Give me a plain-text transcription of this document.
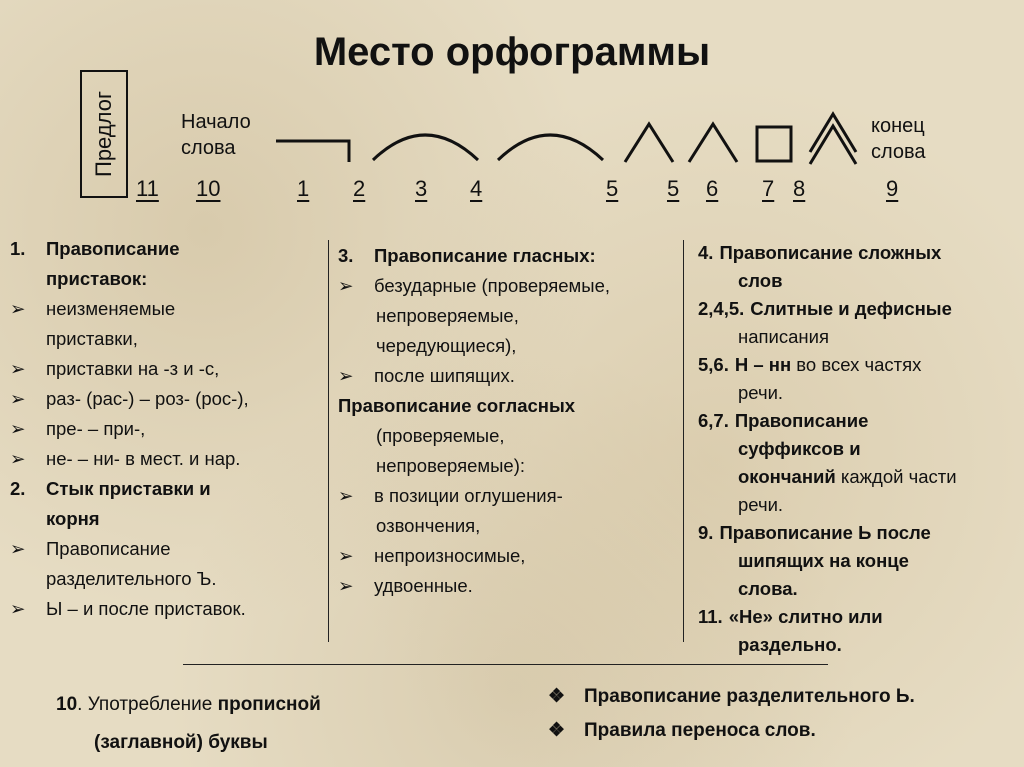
Место орфограммы
Предлог	Начало
слова
конец
слова
11 10	1 2 3 4	5 5 6 7 8	9
1. Правописание
приставок:
➢ неизменяемые
приставки,
➢ приставки на -з и -с,
➢ раз- (рас-) – роз- (рос-),
➢ пре- – при-,
➢ не- – ни- в мест. и нар.
2. Стык приставки и
корня
➢ Правописание
разделительного Ъ.
➢ Ы – и после приставок.
3. Правописание гласных:
➢ безударные (проверяемые,
непроверяемые,
чередующиеся),
➢ после шипящих.
Правописание согласных
(проверяемые,
непроверяемые):
➢ в позиции оглушения-
озвончения,
➢ непроизносимые,
➢ удвоенные.
4. Правописание сложных
слов
2,4,5. Слитные и дефисные
написания
5,6. Н – нн во всех частях
речи.
6,7. Правописание
суффиксов и
окончаний каждой части
речи.
9. Правописание Ь после
шипящих на конце
слова.
11. «Не» слитно или
раздельно.
10. Употребление прописной
(заглавной) буквы
❖ Правописание разделительного Ь.
❖ Правила переноса слов.
